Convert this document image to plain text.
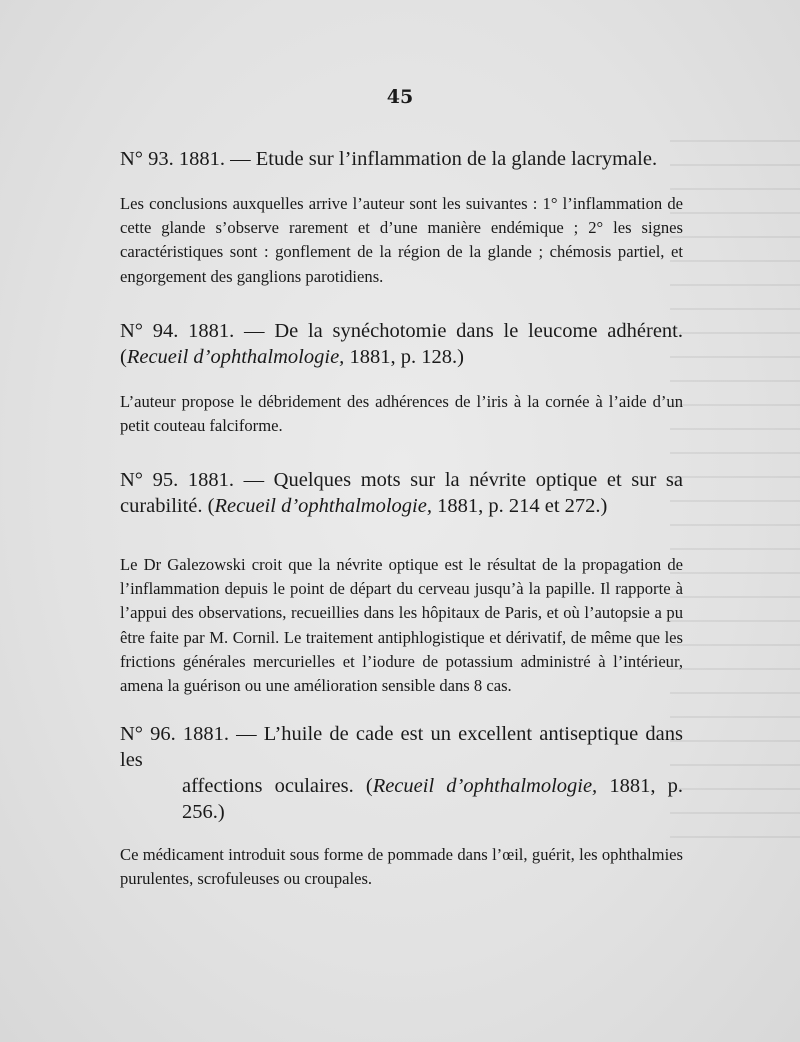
45

N° 93. 1881. — Etude sur l’inflammation de la glande lacrymale.

Les conclusions auxquelles arrive l’auteur sont les suivantes : 1° l’inflammation de cette glande s’observe rarement et d’une manière endémique ; 2° les signes caractéristiques sont : gonflement de la région de la glande ; chémosis partiel, et engorgement des ganglions parotidiens.

N° 94. 1881. — De la synéchotomie dans le leucome adhérent. (Recueil d’ophthalmologie, 1881, p. 128.)

L’auteur propose le débridement des adhérences de l’iris à la cornée à l’aide d’un petit couteau falciforme.

N° 95. 1881. — Quelques mots sur la névrite optique et sur sa curabilité. (Recueil d’ophthalmologie, 1881, p. 214 et 272.)

Le Dr Galezowski croit que la névrite optique est le résultat de la propagation de l’inflammation depuis le point de départ du cerveau jusqu’à la papille. Il rapporte à l’appui des observations, recueillies dans les hôpitaux de Paris, et où l’autopsie a pu être faite par M. Cornil. Le traitement antiphlogistique et dérivatif, de même que les frictions générales mercurielles et l’iodure de potassium administré à l’intérieur, amena la guérison ou une amélioration sensible dans 8 cas.

N° 96. 1881. — L’huile de cade est un excellent antiseptique dans les
affections oculaires. (Recueil d’ophthalmologie, 1881, p. 256.)

Ce médicament introduit sous forme de pommade dans l’œil, guérit, les ophthalmies purulentes, scrofuleuses ou croupales.
